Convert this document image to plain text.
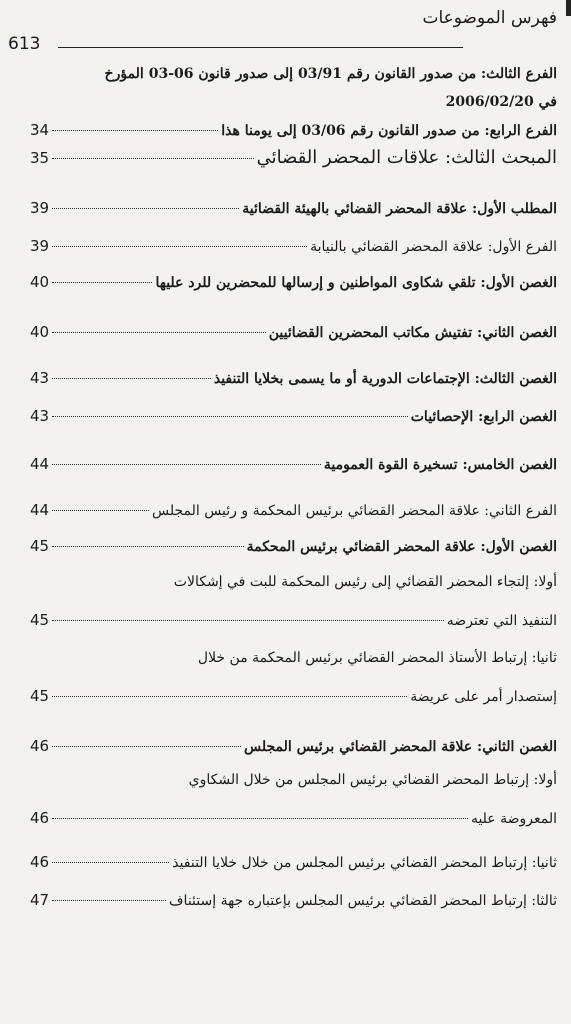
فهرس الموضوعات
613
الفرع الثالث: من صدور القانون رقم 03/91 إلى صدور قانون 06-03 المؤرخ
في 2006/02/20
الفرع الرابع: من صدور القانون رقم 03/06 إلى يومنا هذا
34
المبحث الثالث: علاقات المحضر القضائي
35
المطلب الأول: علاقة المحضر القضائي بالهيئة القضائية
39
الفرع الأول: علاقة المحضر القضائي بالنيابة
39
الغصن الأول: تلقي شكاوى المواطنين و إرسالها للمحضرين للرد عليها
40
الغصن الثاني: تفتيش مكاتب المحضرين القضائيين
40
الغصن الثالث: الإجتماعات الدورية أو ما يسمى بخلايا التنفيذ
43
الغصن الرابع: الإحصائيات
43
الغصن الخامس: تسخيرة القوة العمومية
44
الفرع الثاني: علاقة المحضر القضائي برئيس المحكمة و رئيس المجلس
44
الغصن الأول: علاقة المحضر القضائي برئيس المحكمة
45
أولا: إلتجاء المحضر القضائي إلى رئيس المحكمة للبت في إشكالات
التنفيذ التي تعترضه
45
ثانيا: إرتباط الأستاذ المحضر القضائي برئيس المحكمة من خلال
إستصدار أمر على عريضة
45
الغصن الثاني: علاقة المحضر القضائي برئيس المجلس
46
أولا: إرتباط المحضر القضائي برئيس المجلس من خلال الشكاوي
المعروضة عليه
46
ثانيا: إرتباط المحضر القضائي برئيس المجلس من خلال خلايا التنفيذ
46
ثالثا: إرتباط المحضر القضائي برئيس المجلس بإعتباره جهة إستئناف
47
